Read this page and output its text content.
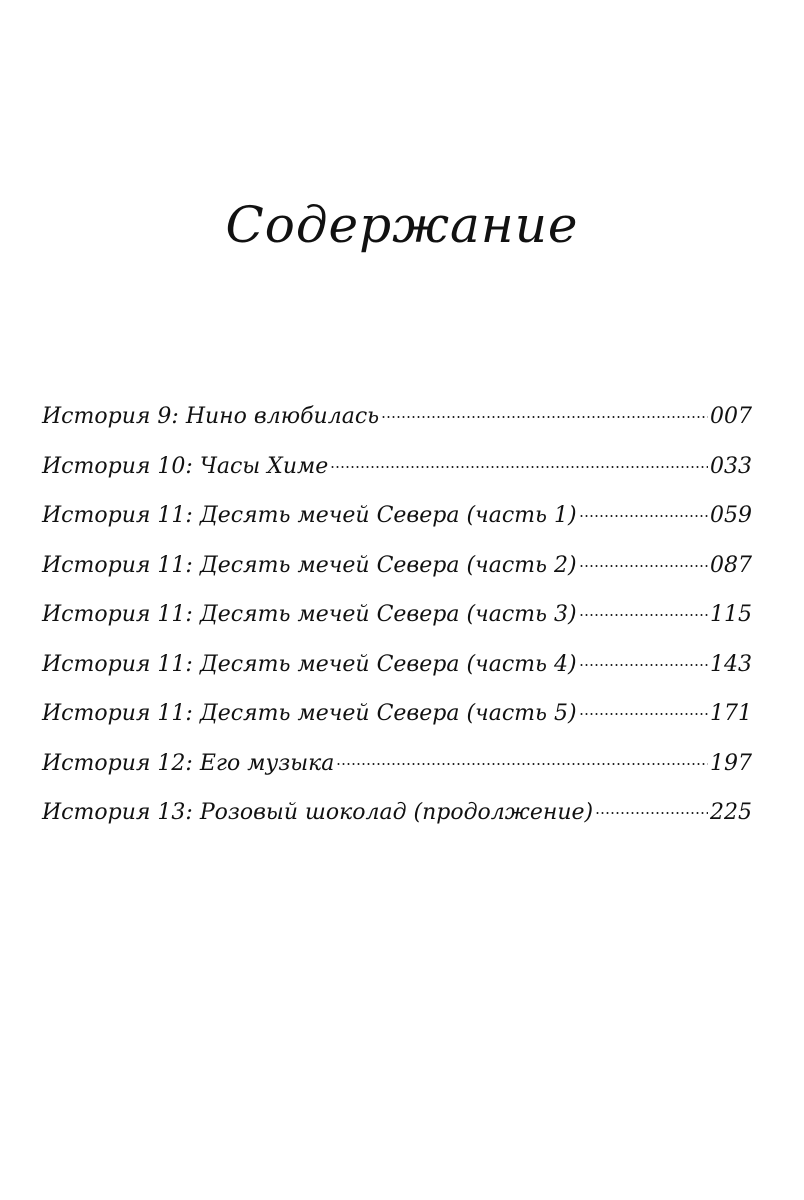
Содержание
История 9: Нино влюбилась	007
История 10: Часы Химе	033
История 11: Десять мечей Севера (часть 1)	059
История 11: Десять мечей Севера (часть 2)	087
История 11: Десять мечей Севера (часть 3)	115
История 11: Десять мечей Севера (часть 4)	143
История 11: Десять мечей Севера (часть 5)	171
История 12: Его музыка	197
История 13: Розовый шоколад (продолжение)	225
